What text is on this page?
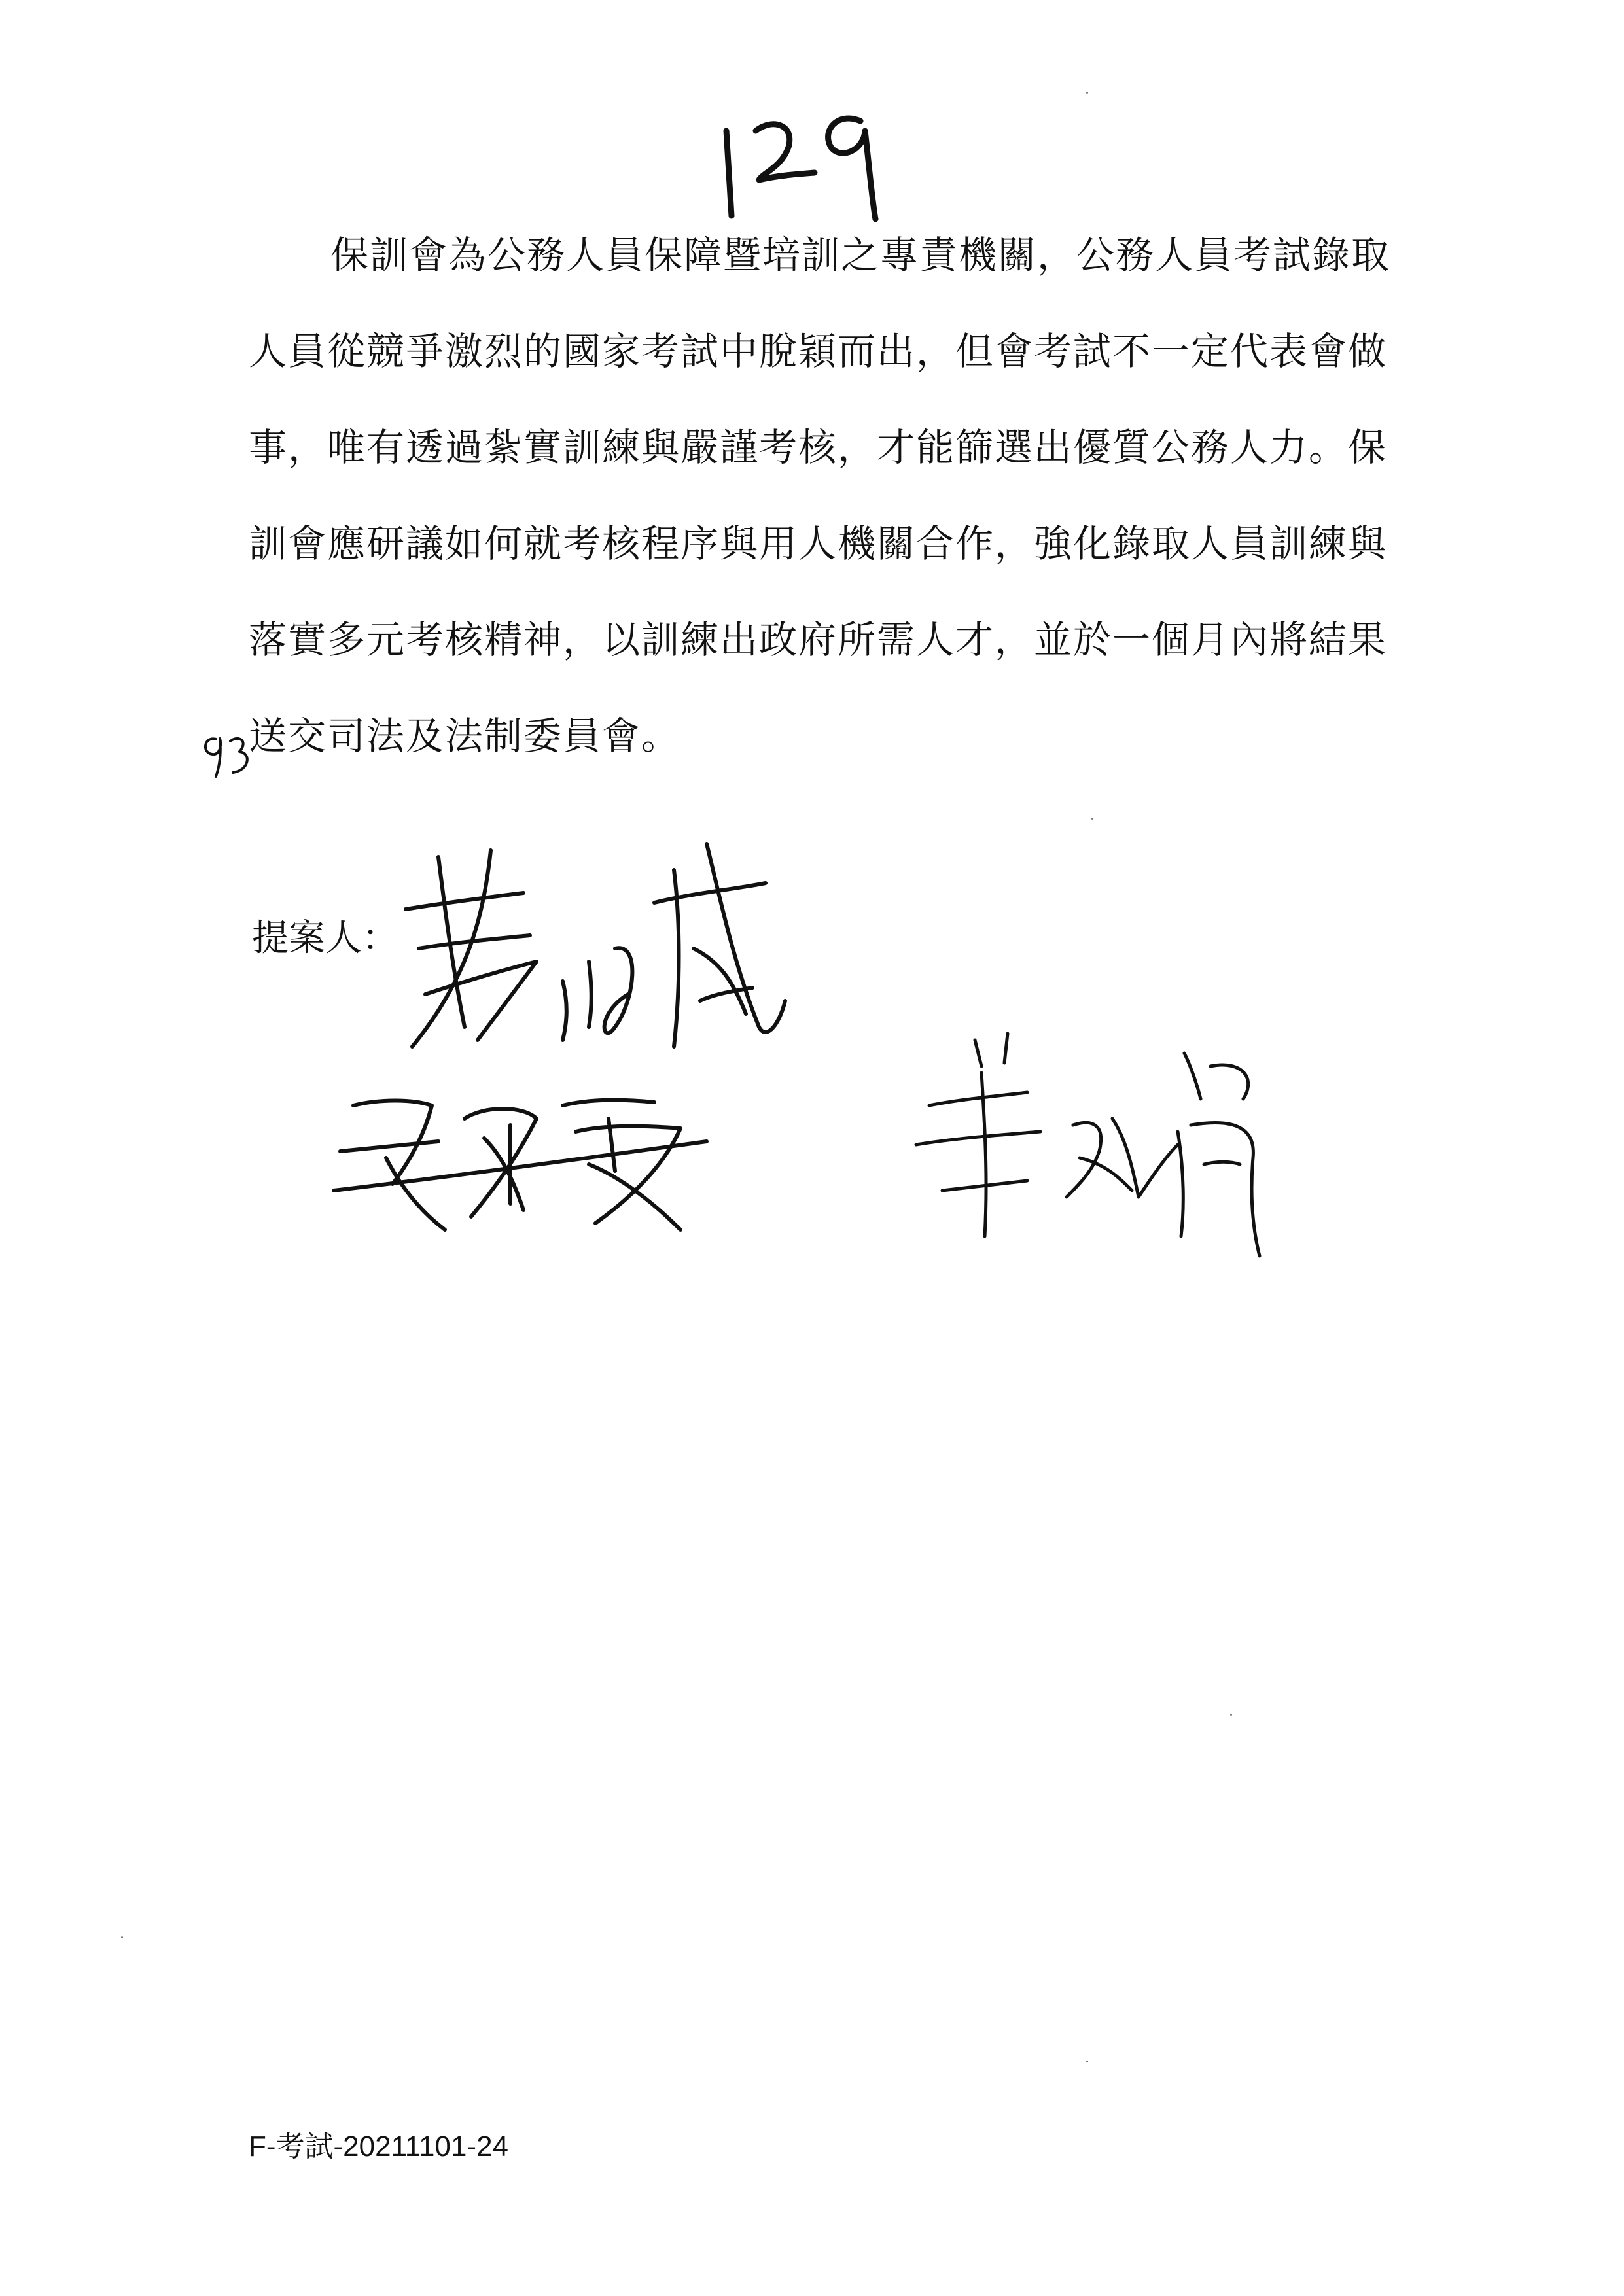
保訓會為公務人員保障暨培訓之專責機關，公務人員考試錄取
人員從競爭激烈的國家考試中脫穎而出，但會考試不一定代表會做
事，唯有透過紮實訓練與嚴謹考核，才能篩選出優質公務人力。保
訓會應研議如何就考核程序與用人機關合作，強化錄取人員訓練與
落實多元考核精神，以訓練出政府所需人才，並於一個月內將結果
送交司法及法制委員會。
提案人：
F-考試-20211101-24
